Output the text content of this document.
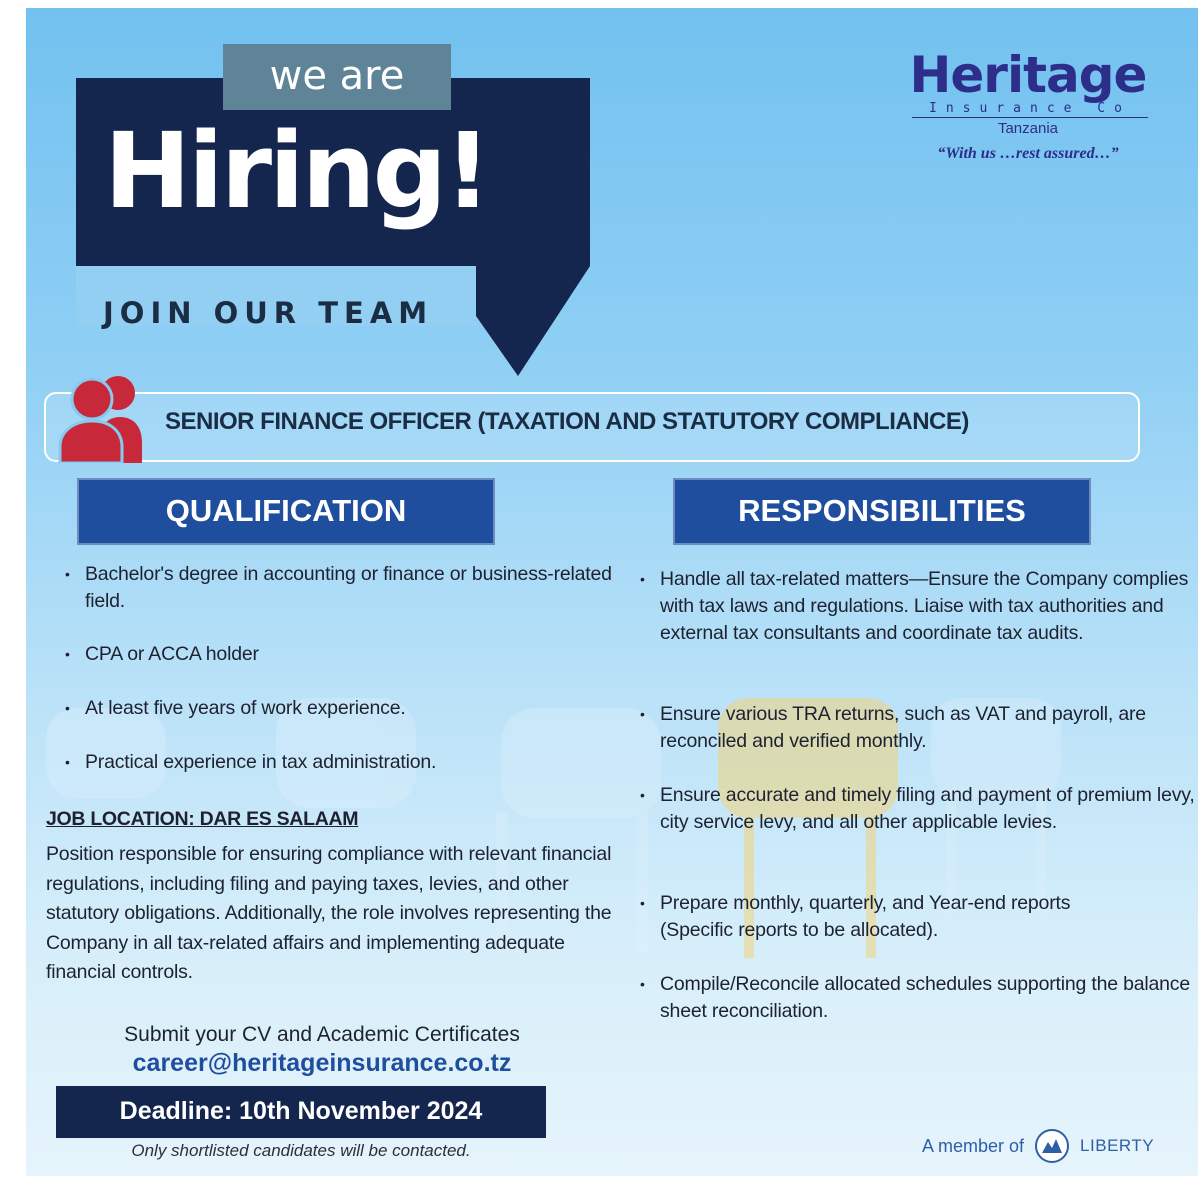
we are
Hiring!
JOIN OUR TEAM
Heritage
Insurance Co
Tanzania
“With us …rest assured…”
SENIOR FINANCE OFFICER (TAXATION AND STATUTORY COMPLIANCE)
QUALIFICATION	RESPONSIBILITIES
• Bachelor's degree in accounting or finance or business-related field.
• CPA or ACCA holder
• At least five years of work experience.
• Practical experience in tax administration.
• Handle all tax-related matters—Ensure the Company complies with tax laws and regulations. Liaise with tax authorities and external tax consultants and coordinate tax audits.
• Ensure various TRA returns, such as VAT and payroll, are reconciled and verified monthly.
• Ensure accurate and timely filing and payment of premium levy, city service levy, and all other applicable levies.
• Prepare monthly, quarterly, and Year-end reports (Specific reports to be allocated).
• Compile/Reconcile allocated schedules supporting the balance sheet reconciliation.
JOB LOCATION: DAR ES SALAAM
Position responsible for ensuring compliance with relevant financial regulations, including filing and paying taxes, levies, and other statutory obligations. Additionally, the role involves representing the Company in all tax-related affairs and implementing adequate financial controls.
Submit your CV and Academic Certificates
career@heritageinsurance.co.tz
Deadline: 10th November 2024
Only shortlisted candidates will be contacted.	A member of	LIBERTY
